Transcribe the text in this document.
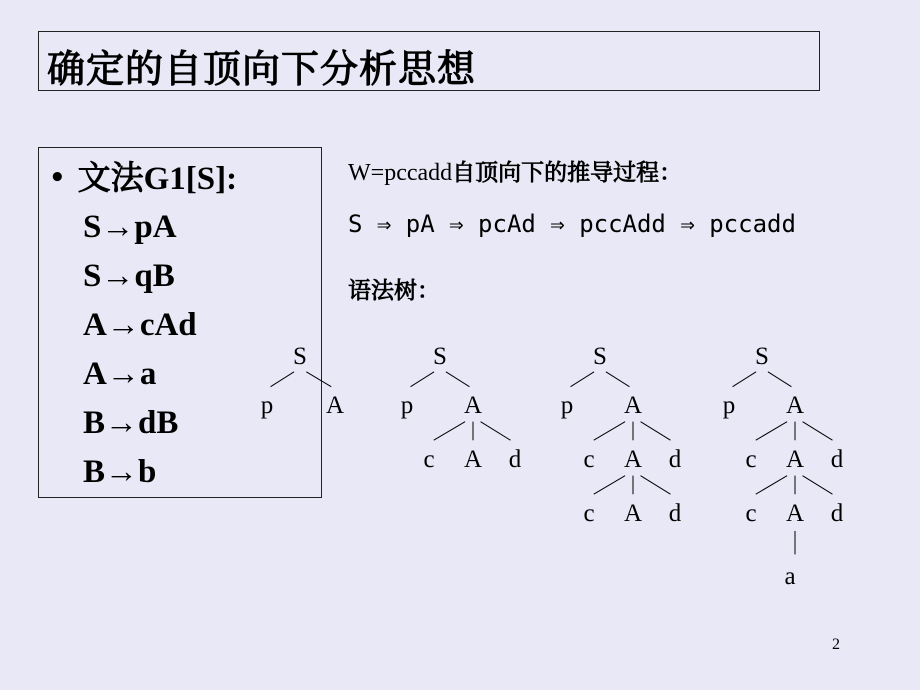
确定的自顶向下分析思想
• 文法G1[S]:
S→pA
S→qB
A→cAd
A→a
B→dB
B→b
W=pccadd自顶向下的推导过程：
S ⇒ pA ⇒ pcAd ⇒ pccAdd ⇒ pccadd
语法树：
S
p A
S
p A
c A d
S
p A
c A d
c A d
S
p A
c A d
c A d
a
2
